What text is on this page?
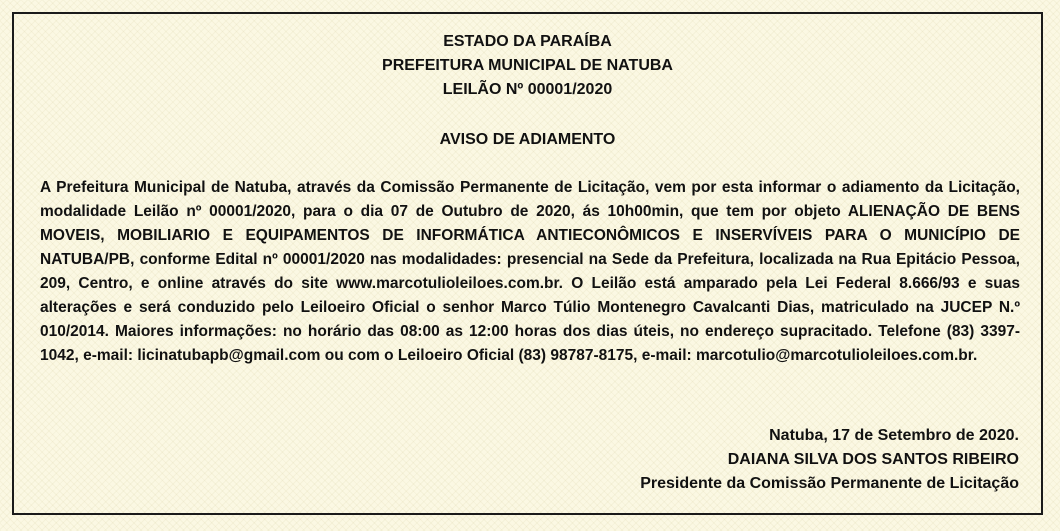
ESTADO DA PARAÍBA
PREFEITURA MUNICIPAL DE NATUBA
LEILÃO Nº 00001/2020
AVISO DE ADIAMENTO
A Prefeitura Municipal de Natuba, através da Comissão Permanente de Licitação, vem por esta informar o adiamento da Licitação, modalidade Leilão nº 00001/2020, para o dia 07 de Outubro de 2020, ás 10h00min, que tem por objeto ALIENAÇÃO DE BENS MOVEIS, MOBILIARIO E EQUIPAMENTOS DE INFORMÁTICA ANTIECONÔMICOS E INSERVÍVEIS PARA O MUNICÍPIO DE NATUBA/PB, conforme Edital nº 00001/2020 nas modalidades: presencial na Sede da Prefeitura, localizada na Rua Epitácio Pessoa, 209, Centro, e online através do site www.marcotulioleiloes.com.br. O Leilão está amparado pela Lei Federal 8.666/93 e suas alterações e será conduzido pelo Leiloeiro Oficial o senhor Marco Túlio Montenegro Cavalcanti Dias, matriculado na JUCEP N.º 010/2014. Maiores informações: no horário das 08:00 as 12:00 horas dos dias úteis, no endereço supracitado. Telefone (83) 3397-1042, e-mail: licinatubapb@gmail.com ou com o Leiloeiro Oficial (83) 98787-8175, e-mail: marcotulio@marcotulioleiloes.com.br.
Natuba, 17 de Setembro de 2020.
DAIANA SILVA DOS SANTOS RIBEIRO
Presidente da Comissão Permanente de Licitação
